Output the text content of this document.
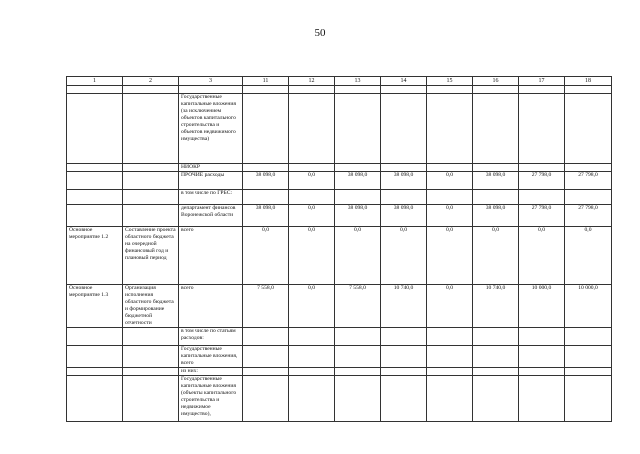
50
1	2	3	11	12	13	14	15	16	17	18

		Государственные капитальные вложения (за исключением объектов капитального строительства и объектов недвижимого имущества)								
		НИОКР								
		ПРОЧИЕ расходы	38 098,0	0,0	38 098,0	38 098,0	0,0	38 098,0	27 798,0	27 798,0
		в том числе по ГРБС:								
		департамент финансов Воронежской области	38 098,0	0,0	38 098,0	38 098,0	0,0	38 098,0	27 798,0	27 798,0
Основное мероприятие 1.2	Составление проекта областного бюджета на очередной финансовый год и плановый период	всего	0,0	0,0	0,0	0,0	0,0	0,0	0,0	0,0
Основное мероприятие 1.3	Организация исполнения областного бюджета и формирование бюджетной отчетности	всего	7 558,0	0,0	7 558,0	10 740,0	0,0	10 740,0	10 000,0	10 000,0
		в том числе по статьям расходов:								
		Государственные капитальные вложения, всего								
		из них:								
		Государственные капитальные вложения (объекты капитального строительства и недвижимое имущество),								
